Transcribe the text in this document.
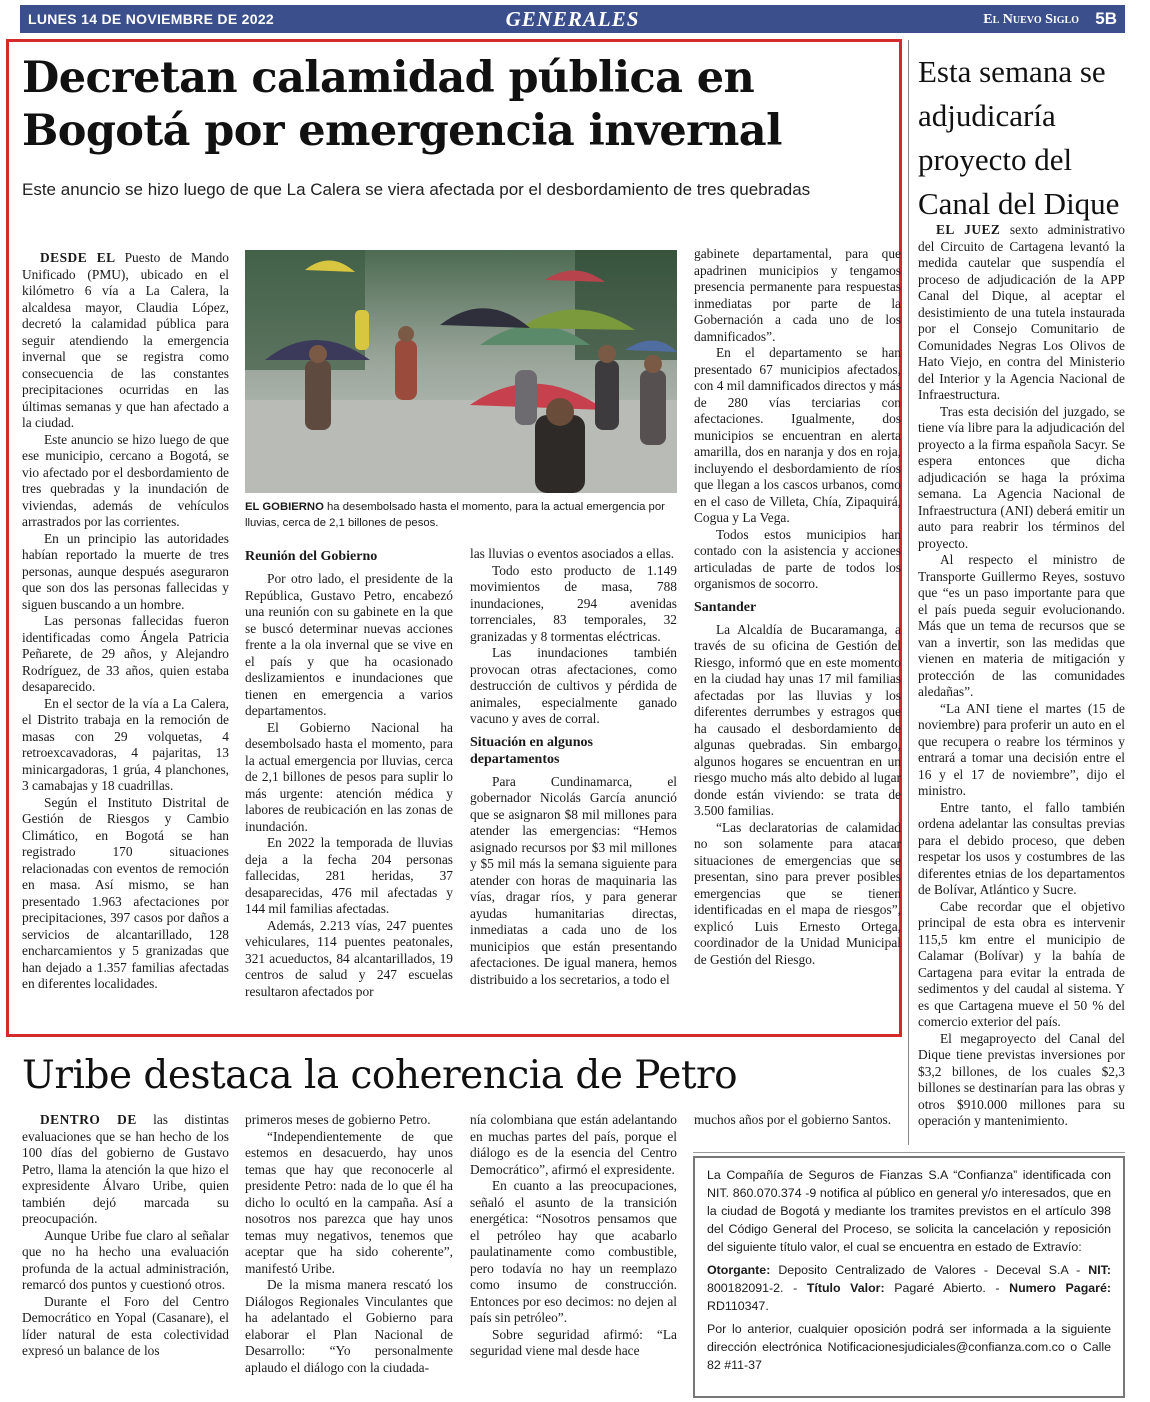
LUNES 14 DE NOVIEMBRE DE 2022	GENERALES	El Nuevo Siglo 5B
Decretan calamidad pública en Bogotá por emergencia invernal

Este anuncio se hizo luego de que La Calera se viera afectada por el desbordamiento de tres quebradas

DESDE EL Puesto de Mando Unificado (PMU), ubicado en el kilómetro 6 vía a La Calera, la alcaldesa mayor, Claudia López, decretó la calamidad pública para seguir atendiendo la emergencia invernal que se registra como consecuencia de las constantes precipitaciones ocurridas en las últimas semanas y que han afectado a la ciudad.

Este anuncio se hizo luego de que ese municipio, cercano a Bogotá, se vio afectado por el desbordamiento de tres quebradas y la inundación de viviendas, además de vehículos arrastrados por las corrientes.

En un principio las autoridades habían reportado la muerte de tres personas, aunque después aseguraron que son dos las personas fallecidas y siguen buscando a un hombre.

Las personas fallecidas fueron identificadas como Ángela Patricia Peñarete, de 29 años, y Alejandro Rodríguez, de 33 años, quien estaba desaparecido.

En el sector de la vía a La Calera, el Distrito trabaja en la remoción de masas con 29 volquetas, 4 retroexcavadoras, 4 pajaritas, 13 minicargadoras, 1 grúa, 4 planchones, 3 camabajas y 18 cuadrillas.

Según el Instituto Distrital de Gestión de Riesgos y Cambio Climático, en Bogotá se han registrado 170 situaciones relacionadas con eventos de remoción en masa. Así mismo, se han presentado 1.963 afectaciones por precipitaciones, 397 casos por daños a servicios de alcantarillado, 128 encharcamientos y 5 granizadas que han dejado a 1.357 familias afectadas en diferentes localidades.

EL GOBIERNO ha desembolsado hasta el momento, para la actual emergencia por lluvias, cerca de 2,1 billones de pesos.

Reunión del Gobierno

Por otro lado, el presidente de la República, Gustavo Petro, encabezó una reunión con su gabinete en la que se buscó determinar nuevas acciones frente a la ola invernal que se vive en el país y que ha ocasionado deslizamientos e inundaciones que tienen en emergencia a varios departamentos.

El Gobierno Nacional ha desembolsado hasta el momento, para la actual emergencia por lluvias, cerca de 2,1 billones de pesos para suplir lo más urgente: atención médica y labores de reubicación en las zonas de inundación.

En 2022 la temporada de lluvias deja a la fecha 204 personas fallecidas, 281 heridas, 37 desaparecidas, 476 mil afectadas y 144 mil familias afectadas.

Además, 2.213 vías, 247 puentes vehiculares, 114 puentes peatonales, 321 acueductos, 84 alcantarillados, 19 centros de salud y 247 escuelas resultaron afectados por

las lluvias o eventos asociados a ellas.

Todo esto producto de 1.149 movimientos de masa, 788 inundaciones, 294 avenidas torrenciales, 83 temporales, 32 granizadas y 8 tormentas eléctricas.

Las inundaciones también provocan otras afectaciones, como destrucción de cultivos y pérdida de animales, especialmente ganado vacuno y aves de corral.

Situación en algunos departamentos

Para Cundinamarca, el gobernador Nicolás García anunció que se asignaron $8 mil millones para atender las emergencias: “Hemos asignado recursos por $3 mil millones y $5 mil más la semana siguiente para atender con horas de maquinaria las vías, dragar ríos, y para generar ayudas humanitarias directas, inmediatas a cada uno de los municipios que están presentando afectaciones. De igual manera, hemos distribuido a los secretarios, a todo el

gabinete departamental, para que apadrinen municipios y tengamos presencia permanente para respuestas inmediatas por parte de la Gobernación a cada uno de los damnificados”.

En el departamento se han presentado 67 municipios afectados, con 4 mil damnificados directos y más de 280 vías terciarias con afectaciones. Igualmente, dos municipios se encuentran en alerta amarilla, dos en naranja y dos en roja, incluyendo el desbordamiento de ríos que llegan a los cascos urbanos, como en el caso de Villeta, Chía, Zipaquirá, Cogua y La Vega.

Todos estos municipios han contado con la asistencia y acciones articuladas de parte de todos los organismos de socorro.

Santander

La Alcaldía de Bucaramanga, a través de su oficina de Gestión del Riesgo, informó que en este momento en la ciudad hay unas 17 mil familias afectadas por las lluvias y los diferentes derrumbes y estragos que ha causado el desbordamiento de algunas quebradas. Sin embargo, algunos hogares se encuentran en un riesgo mucho más alto debido al lugar donde están viviendo: se trata de 3.500 familias.

“Las declaratorias de calamidad no son solamente para atacar situaciones de emergencias que se presentan, sino para prever posibles emergencias que se tienen identificadas en el mapa de riesgos”, explicó Luis Ernesto Ortega, coordinador de la Unidad Municipal de Gestión del Riesgo.

Esta semana se adjudicaría proyecto del Canal del Dique

EL JUEZ sexto administrativo del Circuito de Cartagena levantó la medida cautelar que suspendía el proceso de adjudicación de la APP Canal del Dique, al aceptar el desistimiento de una tutela instaurada por el Consejo Comunitario de Comunidades Negras Los Olivos de Hato Viejo, en contra del Ministerio del Interior y la Agencia Nacional de Infraestructura.

Tras esta decisión del juzgado, se tiene vía libre para la adjudicación del proyecto a la firma española Sacyr. Se espera entonces que dicha adjudicación se haga la próxima semana. La Agencia Nacional de Infraestructura (ANI) deberá emitir un auto para reabrir los términos del proyecto.

Al respecto el ministro de Transporte Guillermo Reyes, sostuvo que “es un paso importante para que el país pueda seguir evolucionando. Más que un tema de recursos que se van a invertir, son las medidas que vienen en materia de mitigación y protección de las comunidades aledañas”.

“La ANI tiene el martes (15 de noviembre) para proferir un auto en el que recupera o reabre los términos y entrará a tomar una decisión entre el 16 y el 17 de noviembre”, dijo el ministro.

Entre tanto, el fallo también ordena adelantar las consultas previas para el debido proceso, que deben respetar los usos y costumbres de las diferentes etnias de los departamentos de Bolívar, Atlántico y Sucre.

Cabe recordar que el objetivo principal de esta obra es intervenir 115,5 km entre el municipio de Calamar (Bolívar) y la bahía de Cartagena para evitar la entrada de sedimentos y del caudal al sistema. Y es que Cartagena mueve el 50 % del comercio exterior del país.

El megaproyecto del Canal del Dique tiene previstas inversiones por $3,2 billones, de los cuales $2,3 billones se destinarían para las obras y otros $910.000 millones para su operación y mantenimiento.

Uribe destaca la coherencia de Petro

DENTRO DE las distintas evaluaciones que se han hecho de los 100 días del gobierno de Gustavo Petro, llama la atención la que hizo el expresidente Álvaro Uribe, quien también dejó marcada su preocupación.

Aunque Uribe fue claro al señalar que no ha hecho una evaluación profunda de la actual administración, remarcó dos puntos y cuestionó otros.

Durante el Foro del Centro Democrático en Yopal (Casanare), el líder natural de esta colectividad expresó un balance de los

primeros meses de gobierno Petro.

“Independientemente de que estemos en desacuerdo, hay unos temas que hay que reconocerle al presidente Petro: nada de lo que él ha dicho lo ocultó en la campaña. Así a nosotros nos parezca que hay unos temas muy negativos, tenemos que aceptar que ha sido coherente”, manifestó Uribe.

De la misma manera rescató los Diálogos Regionales Vinculantes que ha adelantado el Gobierno para elaborar el Plan Nacional de Desarrollo: “Yo personalmente aplaudo el diálogo con la ciudada-

nía colombiana que están adelantando en muchas partes del país, porque el diálogo es de la esencia del Centro Democrático”, afirmó el expresidente.

En cuanto a las preocupaciones, señaló el asunto de la transición energética: “Nosotros pensamos que el petróleo hay que acabarlo paulatinamente como combustible, pero todavía no hay un reemplazo como insumo de construcción. Entonces por eso decimos: no dejen al país sin petróleo”.

Sobre seguridad afirmó: “La seguridad viene mal desde hace

muchos años por el gobierno Santos.

La Compañía de Seguros de Fianzas S.A “Confianza” identificada con NIT. 860.070.374 -9 notifica al público en general y/o interesados, que en la ciudad de Bogotá y mediante los tramites previstos en el artículo 398 del Código General del Proceso, se solicita la cancelación y reposición del siguiente título valor, el cual se encuentra en estado de Extravío:

Otorgante: Deposito Centralizado de Valores - Deceval S.A - NIT: 800182091-2. - Título Valor: Pagaré Abierto. - Numero Pagaré: RD110347.

Por lo anterior, cualquier oposición podrá ser informada a la siguiente dirección electrónica Notificacionesjudiciales@confianza.com.co o Calle 82 #11-37
